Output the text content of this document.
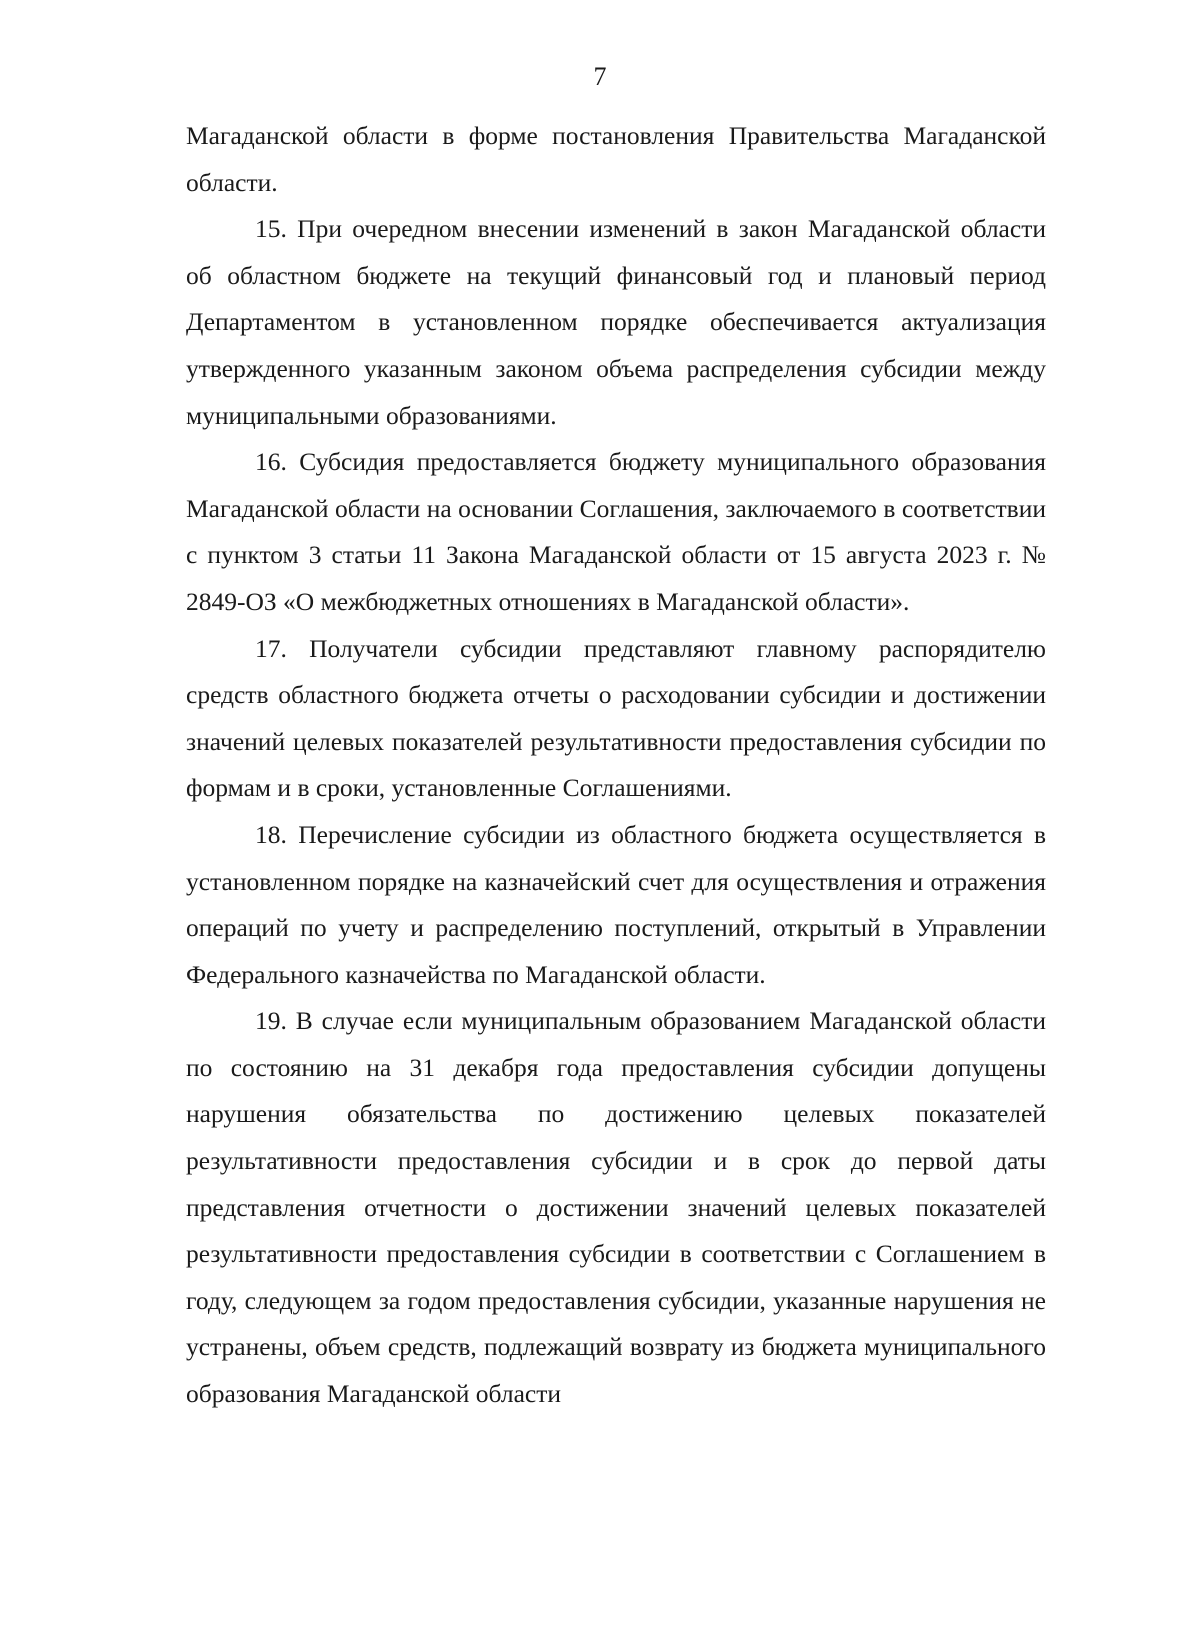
7

Магаданской области в форме постановления Правительства Магаданской области.

15. При очередном внесении изменений в закон Магаданской области об областном бюджете на текущий финансовый год и плановый период Департаментом в установленном порядке обеспечивается актуализация утвержденного указанным законом объема распределения субсидии между муниципальными образованиями.

16. Субсидия предоставляется бюджету муниципального образования Магаданской области на основании Соглашения, заключаемого в соответствии с пунктом 3 статьи 11 Закона Магаданской области от 15 августа 2023 г. № 2849-ОЗ «О межбюджетных отношениях в Магаданской области».

17. Получатели субсидии представляют главному распорядителю средств областного бюджета отчеты о расходовании субсидии и достижении значений целевых показателей результативности предоставления субсидии по формам и в сроки, установленные Соглашениями.

18. Перечисление субсидии из областного бюджета осуществляется в установленном порядке на казначейский счет для осуществления и отражения операций по учету и распределению поступлений, открытый в Управлении Федерального казначейства по Магаданской области.

19. В случае если муниципальным образованием Магаданской области по состоянию на 31 декабря года предоставления субсидии допущены нарушения обязательства по достижению целевых показателей результативности предоставления субсидии и в срок до первой даты представления отчетности о достижении значений целевых показателей результативности предоставления субсидии в соответствии с Соглашением в году, следующем за годом предоставления субсидии, указанные нарушения не устранены, объем средств, подлежащий возврату из бюджета муниципального образования Магаданской области
